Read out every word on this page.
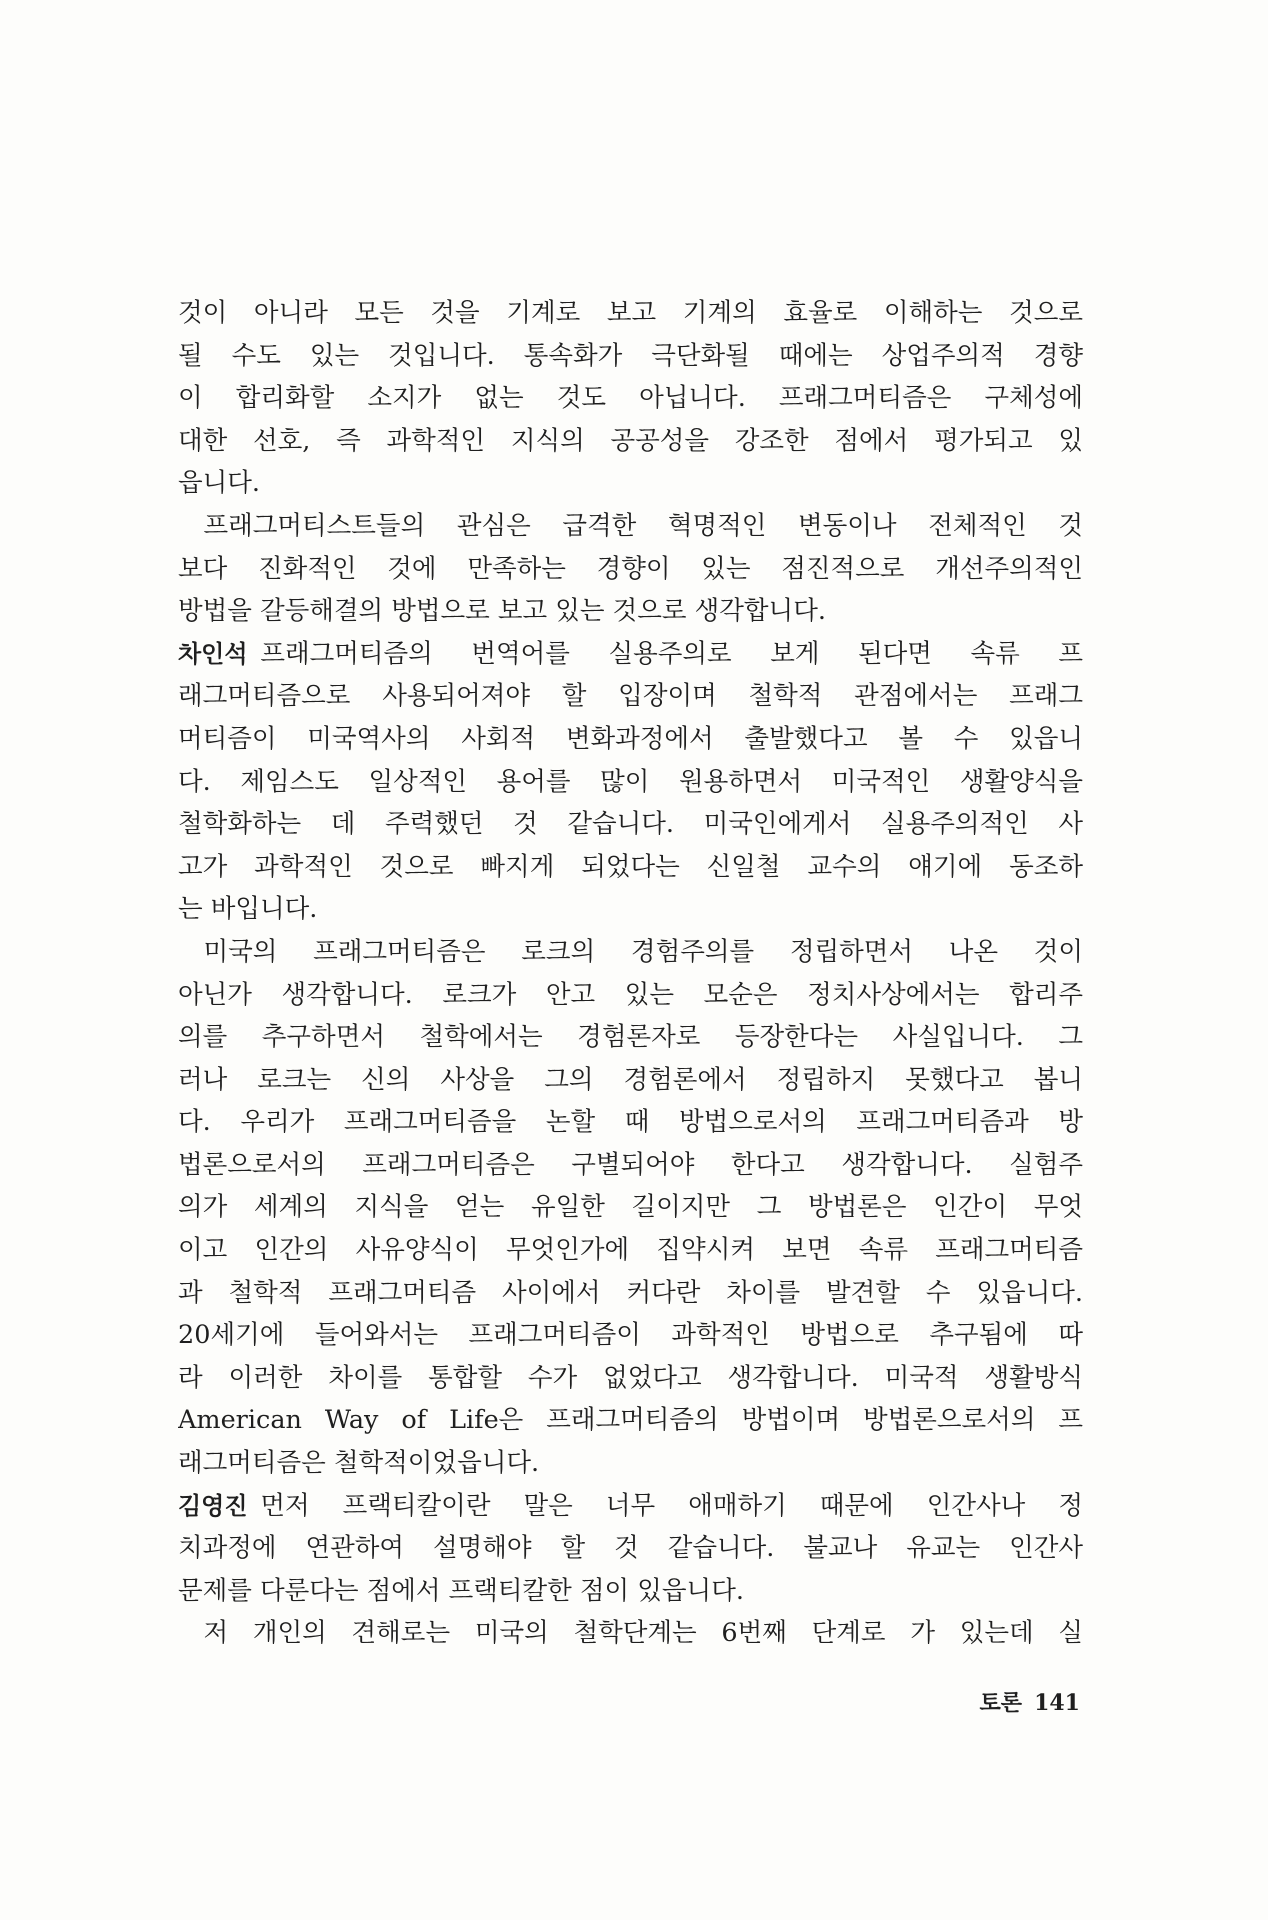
것이 아니라 모든 것을 기계로 보고 기계의 효율로 이해하는 것으로
될 수도 있는 것입니다. 통속화가 극단화될 때에는 상업주의적 경향
이 합리화할 소지가 없는 것도 아닙니다. 프래그머티즘은 구체성에
대한 선호, 즉 과학적인 지식의 공공성을 강조한 점에서 평가되고 있
읍니다.
 프래그머티스트들의 관심은 급격한 혁명적인 변동이나 전체적인 것
보다 진화적인 것에 만족하는 경향이 있는 점진적으로 개선주의적인
방법을 갈등해결의 방법으로 보고 있는 것으로 생각합니다.
차인석  프래그머티즘의 번역어를 실용주의로 보게 된다면 속류 프
래그머티즘으로 사용되어져야 할 입장이며 철학적 관점에서는 프래그
머티즘이 미국역사의 사회적 변화과정에서 출발했다고 볼 수 있읍니
다. 제임스도 일상적인 용어를 많이 원용하면서 미국적인 생활양식을
철학화하는 데 주력했던 것 같습니다. 미국인에게서 실용주의적인 사
고가 과학적인 것으로 빠지게 되었다는 신일철 교수의 얘기에 동조하
는 바입니다.
 미국의 프래그머티즘은 로크의 경험주의를 정립하면서 나온 것이
아닌가 생각합니다. 로크가 안고 있는 모순은 정치사상에서는 합리주
의를 추구하면서 철학에서는 경험론자로 등장한다는 사실입니다. 그
러나 로크는 신의 사상을 그의 경험론에서 정립하지 못했다고 봅니
다. 우리가 프래그머티즘을 논할 때 방법으로서의 프래그머티즘과 방
법론으로서의 프래그머티즘은 구별되어야 한다고 생각합니다. 실험주
의가 세계의 지식을 얻는 유일한 길이지만 그 방법론은 인간이 무엇
이고 인간의 사유양식이 무엇인가에 집약시켜 보면 속류 프래그머티즘
과 철학적 프래그머티즘 사이에서 커다란 차이를 발견할 수 있읍니다.
20세기에 들어와서는 프래그머티즘이 과학적인 방법으로 추구됨에 따
라 이러한 차이를 통합할 수가 없었다고 생각합니다. 미국적 생활방식
American Way of Life은 프래그머티즘의 방법이며 방법론으로서의 프
래그머티즘은 철학적이었읍니다.
김영진  먼저 프랙티칼이란 말은 너무 애매하기 때문에 인간사나 정
치과정에 연관하여 설명해야 할 것 같습니다. 불교나 유교는 인간사
문제를 다룬다는 점에서 프랙티칼한 점이 있읍니다.
 저 개인의 견해로는 미국의 철학단계는 6번째 단계로 가 있는데 실
토론 141
